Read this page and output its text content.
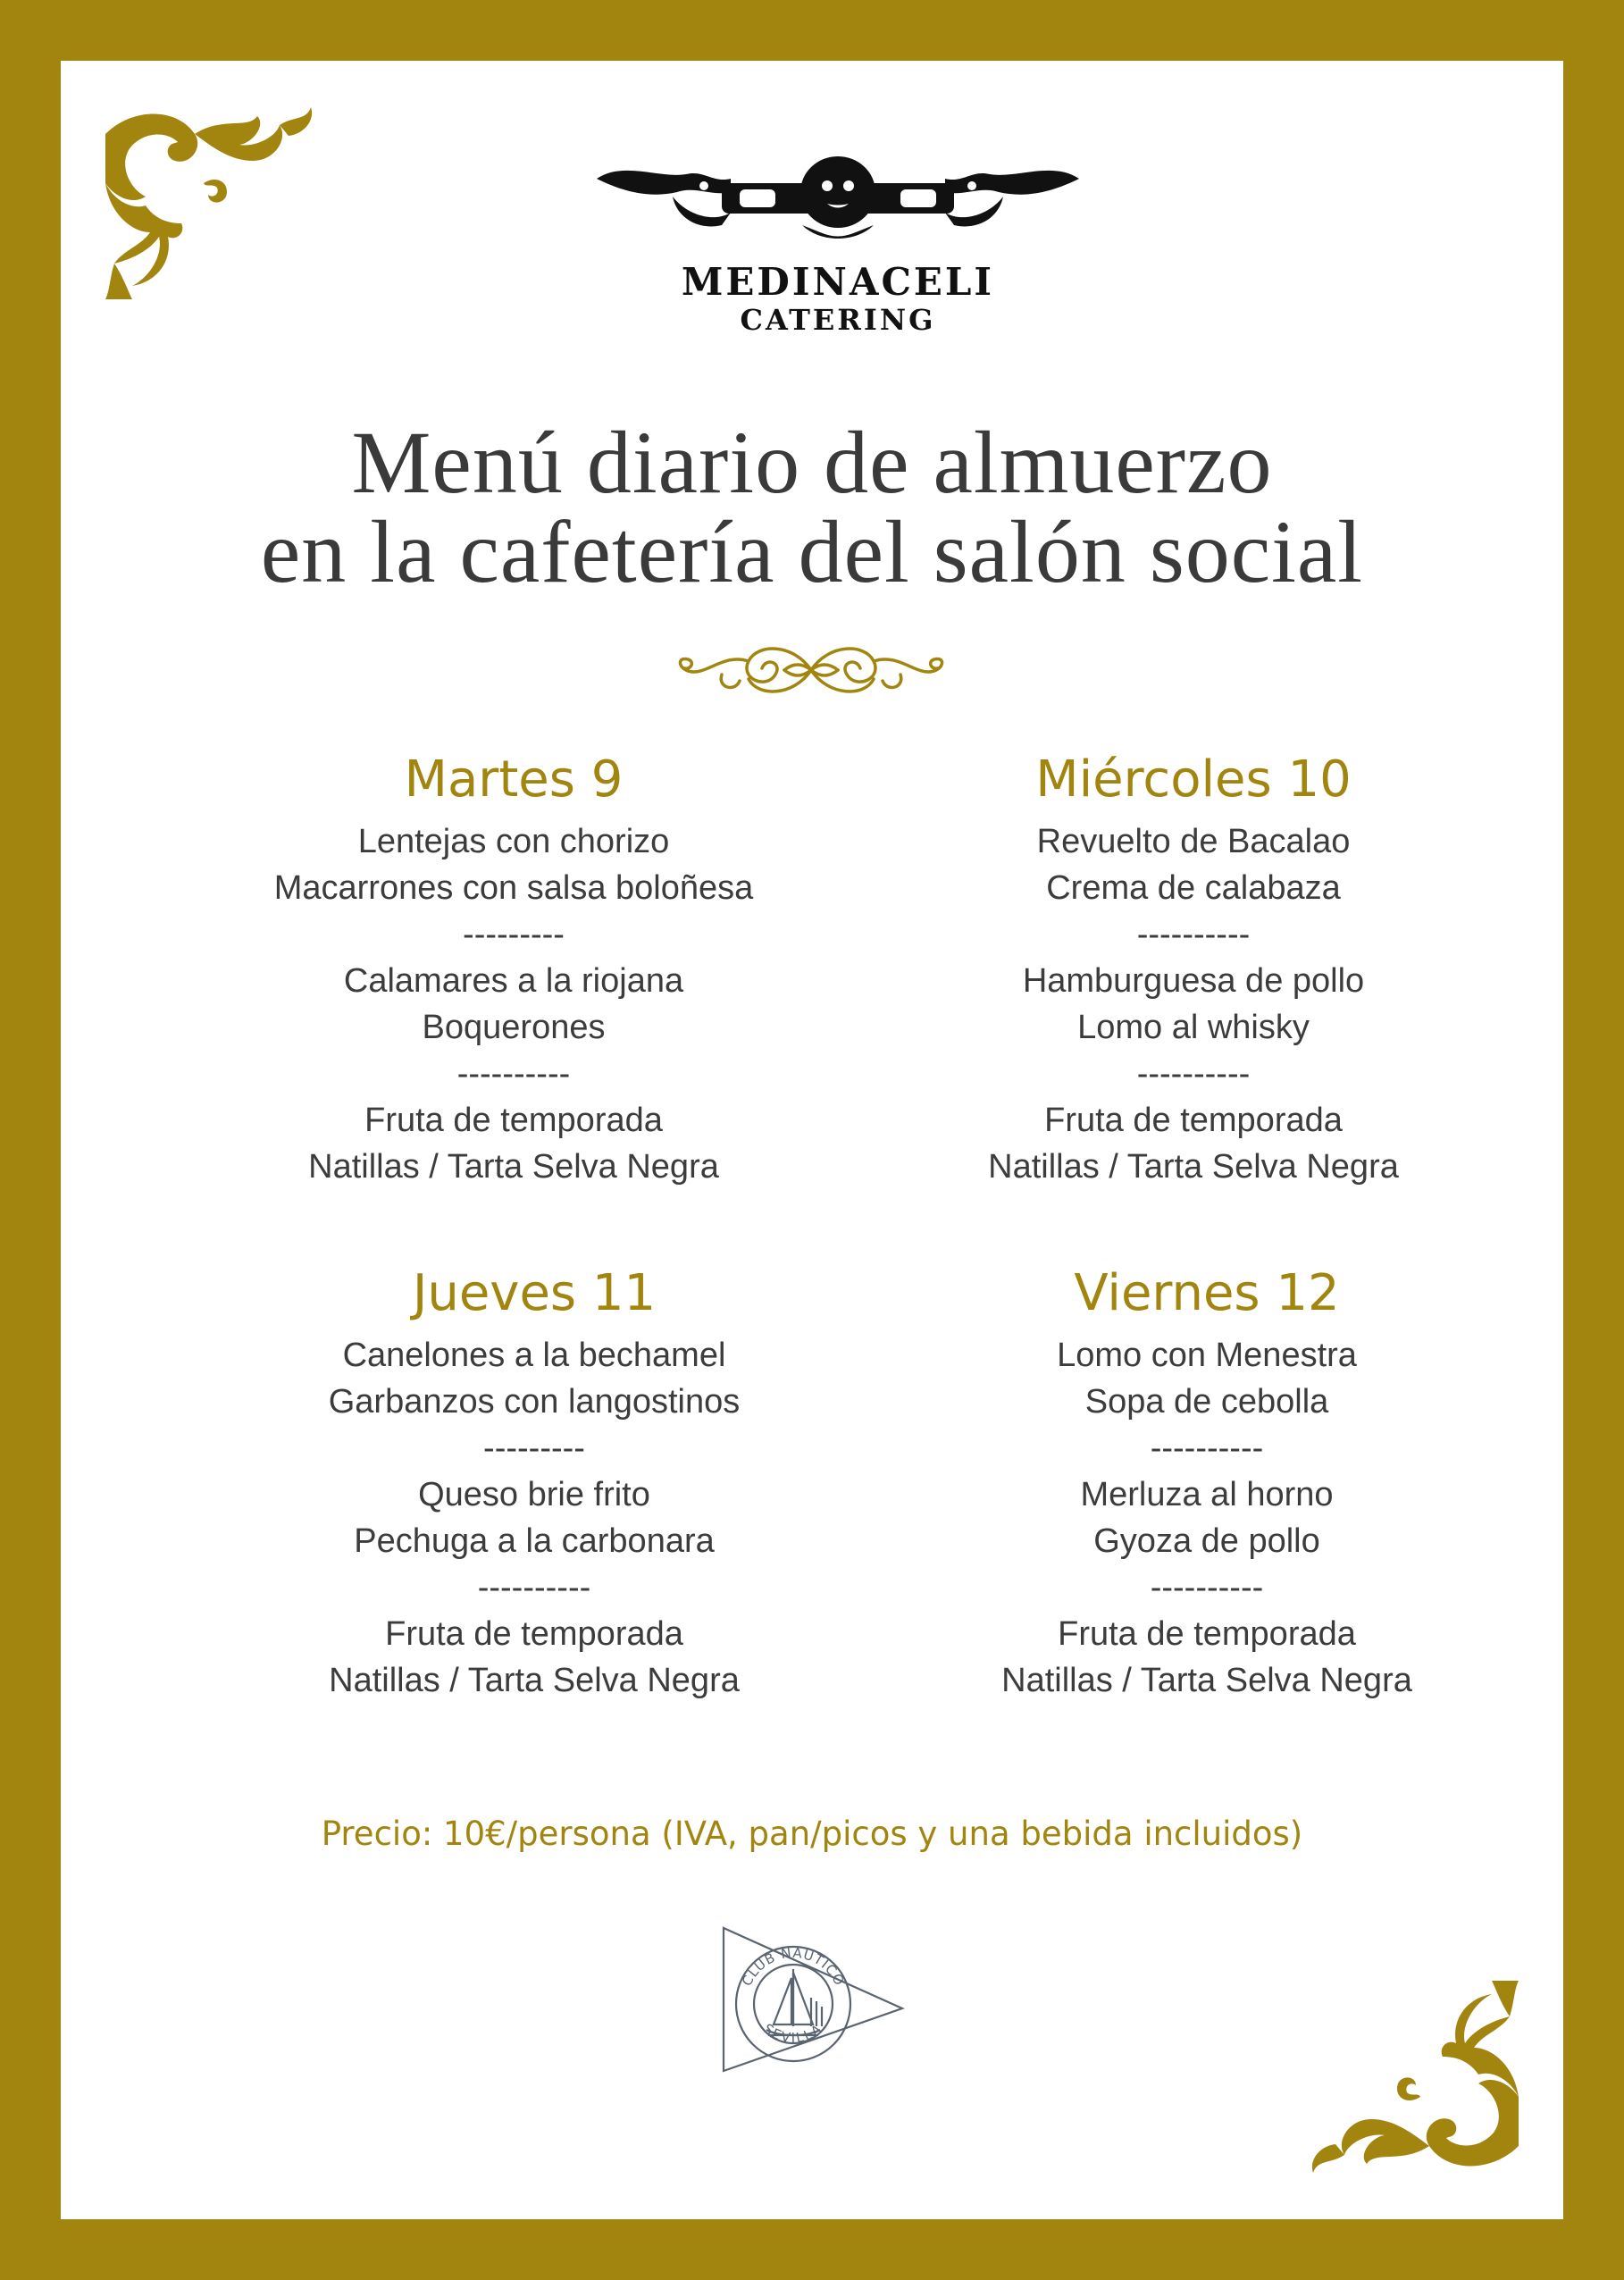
MEDINACELI
CATERING
Menú diario de almuerzo
en la cafetería del salón social
Martes 9
Lentejas con chorizo
Macarrones con salsa boloñesa
---------
Calamares a la riojana
Boquerones
----------
Fruta de temporada
Natillas / Tarta Selva Negra
Miércoles 10
Revuelto de Bacalao
Crema de calabaza
----------
Hamburguesa de pollo
Lomo al whisky
----------
Fruta de temporada
Natillas / Tarta Selva Negra
Jueves 11
Canelones a la bechamel
Garbanzos con langostinos
---------
Queso brie frito
Pechuga a la carbonara
----------
Fruta de temporada
Natillas / Tarta Selva Negra
Viernes 12
Lomo con Menestra
Sopa de cebolla
----------
Merluza al horno
Gyoza de pollo
----------
Fruta de temporada
Natillas / Tarta Selva Negra
Precio: 10€/persona (IVA, pan/picos y una bebida incluidos)
CLUB NAUTICO
SEVILLA
